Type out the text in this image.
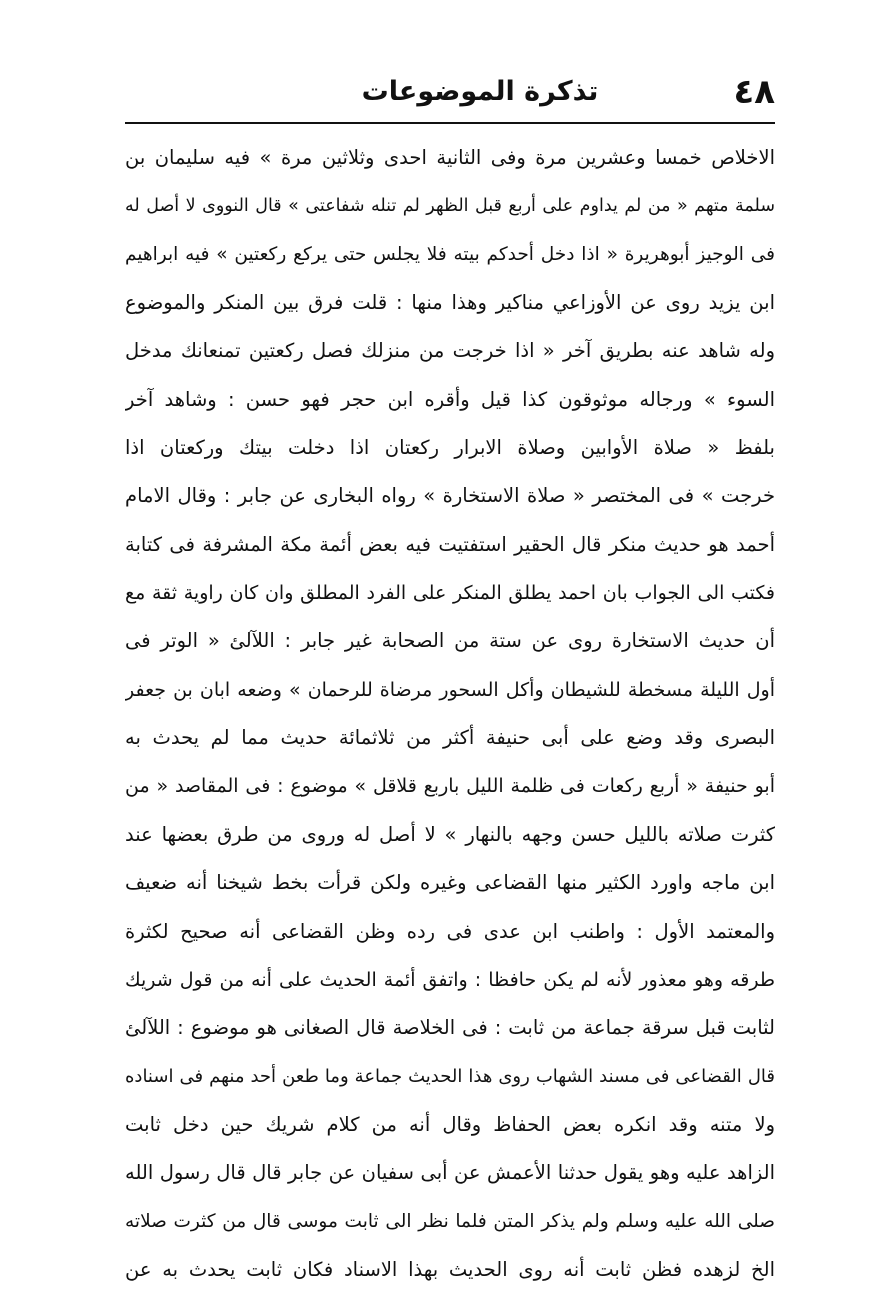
٤٨
تذكرة الموضوعات
الاخلاص خمسا وعشرين مرة وفى الثانية احدى وثلاثين مرة » فيه سليمان بن
سلمة متهم « من لم يداوم على أربع قبل الظهر لم تنله شفاعتى » قال النووى لا أصل له
فى الوجيز أبوهريرة « اذا دخل أحدكم بيته فلا يجلس حتى يركع ركعتين » فيه ابراهيم
ابن يزيد روى عن الأوزاعي مناكير وهذا منها : قلت فرق بين المنكر والموضوع
وله شاهد عنه بطريق آخر « اذا خرجت من منزلك فصل ركعتين تمنعانك مدخل
السوء » ورجاله موثوقون كذا قيل وأقره ابن حجر فهو حسن : وشاهد آخر
بلفظ « صلاة الأوابين وصلاة الابرار ركعتان اذا دخلت بيتك وركعتان اذا
خرجت » فى المختصر « صلاة الاستخارة » رواه البخارى عن جابر : وقال الامام
أحمد هو حديث منكر قال الحقير استفتيت فيه بعض أئمة مكة المشرفة فى كتابة
فكتب الى الجواب بان احمد يطلق المنكر على الفرد المطلق وان كان راوية ثقة مع
أن حديث الاستخارة روى عن ستة من الصحابة غير جابر : اللآلئ « الوتر فى
أول الليلة مسخطة للشيطان وأكل السحور مرضاة للرحمان » وضعه ابان بن جعفر
البصرى وقد وضع على أبى حنيفة أكثر من ثلاثمائة حديث مما لم يحدث به
أبو حنيفة « أربع ركعات فى ظلمة الليل باربع قلاقل » موضوع : فى المقاصد « من
كثرت صلاته بالليل حسن وجهه بالنهار » لا أصل له وروى من طرق بعضها عند
ابن ماجه واورد الكثير منها القضاعى وغيره ولكن قرأت بخط شيخنا أنه ضعيف
والمعتمد الأول : واطنب ابن عدى فى رده وظن القضاعى أنه صحيح لكثرة
طرقه وهو معذور لأنه لم يكن حافظا : واتفق أئمة الحديث على أنه من قول شريك
لثابت قبل سرقة جماعة من ثابت : فى الخلاصة قال الصغانى هو موضوع : اللآلئ
قال القضاعى فى مسند الشهاب روى هذا الحديث جماعة وما طعن أحد منهم فى اسناده
ولا متنه وقد انكره بعض الحفاظ وقال أنه من كلام شريك حين دخل ثابت
الزاهد عليه وهو يقول حدثنا الأعمش عن أبى سفيان عن جابر قال قال رسول الله
صلى الله عليه وسلم ولم يذكر المتن فلما نظر الى ثابت موسى قال من كثرت صلاته
الخ لزهده فظن ثابت أنه روى الحديث بهذا الاسناد فكان ثابت يحدث به عن
